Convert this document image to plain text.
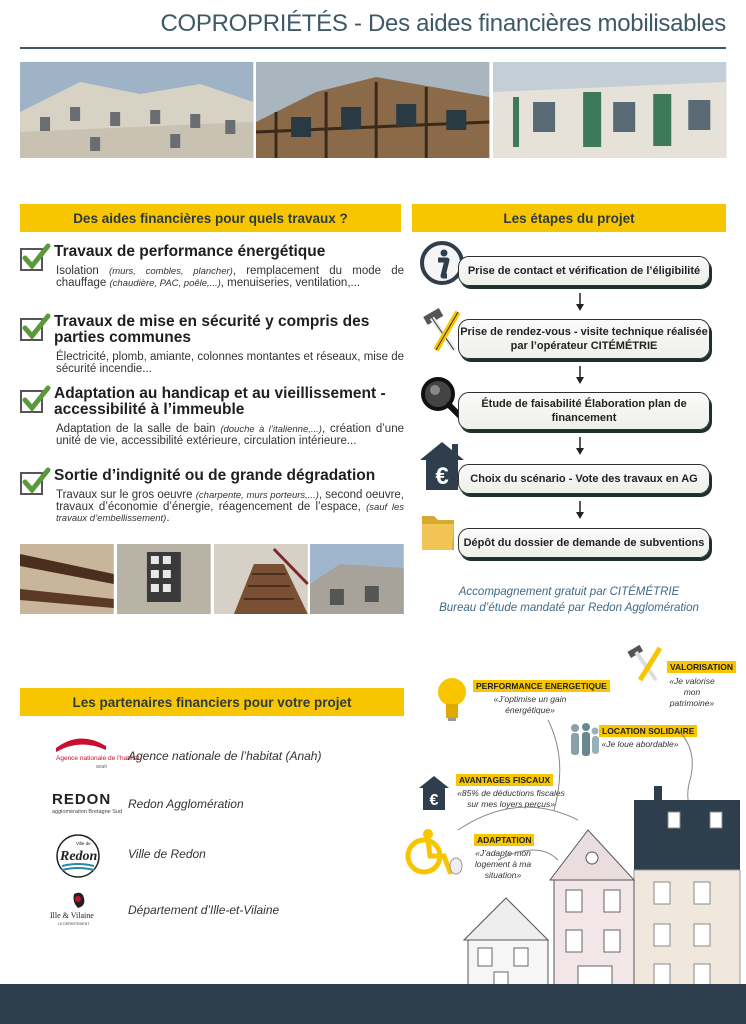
COPROPRIÉTÉS - Des aides financières mobilisables
Des aides financières pour quels travaux ?	Les étapes du projet
Travaux de performance énergétique

Isolation (murs, combles, plancher), remplacement du mode de chauffage (chaudière, PAC, poêle,...), menuiseries, ventilation,...

Travaux de mise en sécurité y compris des parties communes

Électricité, plomb, amiante, colonnes montantes et réseaux, mise de sécurité incendie...

Adaptation au handicap et au vieillissement - accessibilité à l’immeuble

Adaptation de la salle de bain (douche à l’italienne,...), création d’une unité de vie, accessibilité extérieure, circulation intérieure...

Sortie d’indignité ou de grande dégradation

Travaux sur le gros oeuvre (charpente, murs porteurs,...), second oeuvre, travaux d’économie d’énergie, réagencement de l’espace, (sauf les travaux d’embellissement).

Prise de contact et vérification de l’éligibilité
Prise de rendez-vous - visite technique réalisée par l’opérateur CITÉMÉTRIE
Étude de faisabilité Élaboration plan de financement
€	Choix du scénario - Vote des travaux en AG
Dépôt du dossier de demande de subventions
Accompagnement gratuit par CITÉMÉTRIE
Bureau d’étude mandaté par Redon Agglomération
Les partenaires financiers pour votre projet
Agence nationale de l’habitat
anah
Agence nationale de l’habitat (Anah)
REDON
agglomération Bretagne Sud
Redon Agglomération
Ville de
Redon	Ville de Redon
Ille & Vilaine
LE DÉPARTEMENT
Département d’Ille-et-Vilaine
PERFORMANCE ENERGETIQUE
«J’optimise un gain énergétique»
VALORISATION
«Je valorise mon patrimoine»
LOCATION SOLIDAIRE
«Je loue abordable»
€
AVANTAGES FISCAUX
«85% de déductions fiscales sur mes loyers perçus»
ADAPTATION
«J’adapte mon logement à ma situation»
